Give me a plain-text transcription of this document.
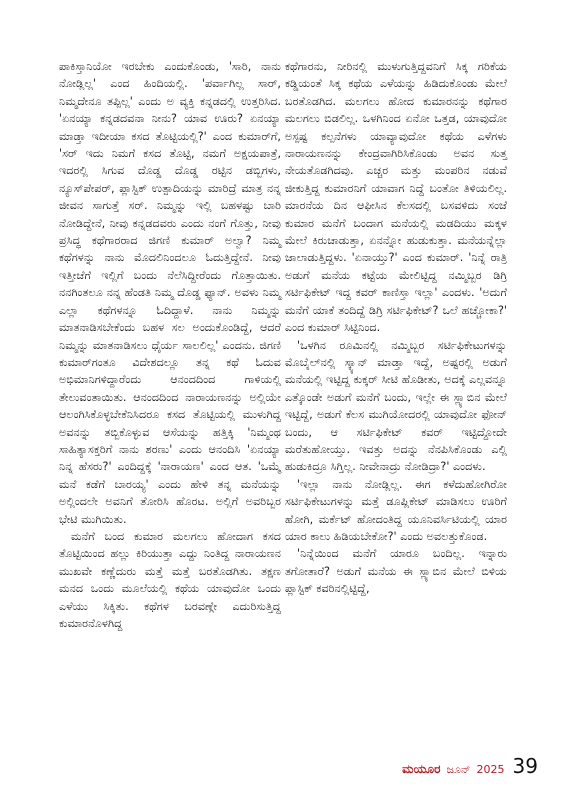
ಪಾಕಿಸ್ತಾನಿಯೋ ಇರಬೇಕು ಎಂದುಕೊಂಡು, 'ಸಾರಿ, ನಾನು ನೋಡ್ಲಿಲ್ಲ' ಎಂದ ಹಿಂದಿಯಲ್ಲಿ. 'ಪರ್ವಾಗಿಲ್ಲ ಸಾರ್, ನಿಮ್ಮದೇನೂ ತಪ್ಪಿಲ್ಲ' ಎಂದು ಅ ವ್ಯಕ್ತಿ ಕನ್ನಡದಲ್ಲಿ ಉತ್ತರಿಸಿದ. 'ಏನಯ್ಯಾ ಕನ್ನಡದವನಾ ನೀನು? ಯಾವ ಊರು? ಏನಯ್ಯಾ ಮಾಡ್ತಾ ಇದೀಯಾ ಕಸದ ತೊಟ್ಟಿಯಲ್ಲಿ?' ಎಂದ ಕುಮಾರ್‌ಗೆ, 'ಸರ್ ಇದು ನಿಮಗೆ ಕಸದ ತೊಟ್ಟಿ, ನಮಗೆ ಅಕ್ಷಯಪಾತ್ರೆ, ಇದರಲ್ಲಿ ಸಿಗುವ ದೊಡ್ಡ ದೊಡ್ಡ ರಟ್ಟಿನ ಡಬ್ಬಿಗಳು, ನ್ಯೂಸ್‌ಪೇಪರ್, ಪ್ಲಾಸ್ಟಿಕ್ ಉತ್ಪಾದಿಯನ್ನು ಮಾರಿದ್ರೆ ಮಾತ್ರ ನನ್ನ ಜೀವನ ಸಾಗುತ್ತೆ ಸರ್. ನಿಮ್ಮನ್ನು ಇಲ್ಲಿ ಬಹಳಷ್ಟು ಬಾರಿ ನೋಡಿದ್ದೇನೆ, ನೀವು ಕನ್ನಡದವರು ಎಂದು ನಂಗೆ ಗೊತ್ತು, ನೀವು ಪ್ರಸಿದ್ಧ ಕಥೆಗಾರರಾದ ಜಿಗಣಿ ಕುಮಾರ್ ಅಲ್ವಾ? ನಿಮ್ಮ ಕಥೆಗಳನ್ನು ನಾನು ಮೊದಲಿನಿಂದಲೂ ಓದುತ್ತಿದ್ದೇನೆ. ನೀವು ಇತ್ತೀಚೆಗೆ ಇಲ್ಲಿಗೆ ಬಂದು ನೆಲೆಸಿದ್ದೀರೆಂದು ಗೊತ್ತಾಯಿತು. ನನಗಿಂತಲೂ ನನ್ನ ಹೆಂಡತಿ ನಿಮ್ಮ ದೊಡ್ಡ ಫ್ಯಾನ್. ಅವಳು ನಿಮ್ಮ ಎಲ್ಲಾ ಕಥೆಗಳನ್ನೂ ಓದಿದ್ದಾಳೆ. ನಾನು ನಿಮ್ಮನ್ನು ಮಾತನಾಡಿಸಬೇಕೆಂದು ಬಹಳ ಸಲ ಅಂದುಕೊಂಡಿದ್ದೆ, ಆದರೆ ನಿಮ್ಮನ್ನು ಮಾತನಾಡಿಸಲು ಧೈರ್ಯ ಸಾಲಲಿಲ್ಲ' ಎಂದನು. ಜಿಗಣಿ ಕುಮಾರ್‌ಗಂತೂ ವಿದೇಶದಲ್ಲೂ ತನ್ನ ಕಥೆ ಓದುವ ಅಭಿಮಾನಿಗಳಿದ್ದಾರೆಂದು ಆನಂದದಿಂದ ಗಾಳಿಯಲ್ಲಿ ತೇಲುವಂತಾಯಿತು. ಆನಂದದಿಂದ ನಾರಾಯಣನನ್ನು ಅಲ್ಲಿಯೇ ಆಲಂಗಿಸಿಕೊಳ್ಳಬೇಕೆನಿಸಿದರೂ ಕಸದ ತೊಟ್ಟಿಯಲ್ಲಿ ಮುಳುಗಿದ್ದ ಅವನನ್ನು ತಬ್ಬಿಕೊಳ್ಳುವ ಆಸೆಯನ್ನು ಹತ್ತಿಕ್ಕಿ 'ನಿಮ್ಮಂಥ ಸಾಹಿತ್ಯಾಸಕ್ತರಿಗೆ ನಾನು ಶರಣು' ಎಂದು ಆನಂದಿಸಿ 'ಏನಯ್ಯಾ ನಿನ್ನ ಹೆಸರು?' ಎಂದಿದ್ದಕ್ಕೆ 'ನಾರಾಯಣ' ಎಂದ ಆತ. 'ಒಮ್ಮೆ ಮನೆ ಕಡೆಗೆ ಬಾರಯ್ಯ' ಎಂದು ಹೇಳಿ ತನ್ನ ಮನೆಯನ್ನು ಅಲ್ಲಿಂದಲೇ ಅವನಿಗೆ ತೋರಿಸಿ ಹೊರಟ. ಅಲ್ಲಿಗೆ ಅವರಿಬ್ಬರ ಭೇಟಿ ಮುಗಿಯಿತು.

ಮನೆಗೆ ಬಂದ ಕುಮಾರ ಮಲಗಲು ಹೋದಾಗ ಕಸದ ತೊಟ್ಟಿಯಿಂದ ಹಲ್ಲು ಕಿರಿಯುತ್ತಾ ಎದ್ದು ನಿಂತಿದ್ದ ನಾರಾಯಣನ ಮುಖವೇ ಕಣ್ಣೆದುರು ಮತ್ತೆ ಮತ್ತೆ ಬರತೊಡಗಿತು. ತಕ್ಷಣ ಮನದ ಒಂದು ಮೂಲೆಯಲ್ಲಿ ಕಥೆಯ ಯಾವುದೋ ಒಂದು ಎಳೆಯು ಸಿಕ್ಕಿತು. ಕಥೆಗಳ ಬರವಣ್ಗೇ ಎದುರಿಸುತ್ತಿದ್ದ ಕುಮಾರನೊಳಗಿದ್ದ

ಕಥೆಗಾರನು, ನೀರಿನಲ್ಲಿ ಮುಳುಗುತ್ತಿದ್ದವನಿಗೆ ಸಿಕ್ಕ ಗರಿಕೆಯ ಕಡ್ಡಿಯಂತೆ ಸಿಕ್ಕ ಕಥೆಯ ಎಳೆಯನ್ನು ಹಿಡಿದುಕೊಂಡು ಮೇಲೆ ಬರತೊಡಗಿದ. ಮಲಗಲು ಹೋದ ಕುಮಾರನನ್ನು ಕಥೆಗಾರ ಮಲಗಲು ಬಿಡಲಿಲ್ಲ. ಒಳಗಿನಿಂದ ಏನೋ ಒತ್ತಡ, ಯಾವುದೋ ಅಸ್ಪಷ್ಟ ಕಲ್ಪನೆಗಳು ಯಾವ್ಯಾವುದೋ ಕಥೆಯ ಎಳೆಗಳು ನಾರಾಯಣನನ್ನು ಕೇಂದ್ರವಾಗಿರಿಸಿಕೊಂಡು ಅವನ ಸುತ್ತ ನೇಯತೊಡಗಿದವು. ಎಚ್ಚರ ಮತ್ತು ಮಂಪರಿನ ನಡುವೆ ಜೀಕುತ್ತಿದ್ದ ಕುಮಾರನಿಗೆ ಯಾವಾಗ ನಿದ್ದೆ ಬಂತೋ ತಿಳಿಯಲಿಲ್ಲ. ಮಾರನೆಯ ದಿನ ಆಫೀಸಿನ ಕೆಲಸದಲ್ಲಿ ಬಸವಳಿದು ಸಂಜೆ ಕುಮಾರ ಮನೆಗೆ ಬಂದಾಗ ಮನೆಯಲ್ಲಿ ಮಡದಿಯು ಮಕ್ಕಳ ಮೇಲೆ ಕಿರುಚಾಡುತ್ತಾ, ಏನನ್ನೋ ಹುಡುಕುತ್ತಾ. ಮನೆಯನ್ನೆಲ್ಲಾ ಜಾಲಾಡುತ್ತಿದ್ದಳು. 'ಏನಾಯ್ತು?' ಎಂದ ಕುಮಾರ್. 'ನಿನ್ನೆ ರಾತ್ರಿ ಅಡುಗೆ ಮನೆಯ ಕಟ್ಟೆಯ ಮೇಲಿಟ್ಟಿದ್ದ ನಮ್ಮಿಬ್ಬರ ಡಿಗ್ರಿ ಸರ್ಟಿಫಿಕೇಟ್ ಇದ್ದ ಕವರ್ ಕಾಣಿಸ್ತಾ ಇಲ್ಲಾ' ಎಂದಳು. 'ಅದುಗೆ ಮನೆಗೆ ಯಾಕೆ ತಂದಿದ್ದೆ ಡಿಗ್ರಿ ಸರ್ಟಿಫಿಕೇಟ್? ಒಲೆ ಹಚ್ಚೋಕಾ?' ಎಂದ ಕುಮಾರ್ ಸಿಟ್ಟಿನಿಂದ.

'ಒಳಗಿನ ರೂಮಿನಲ್ಲಿ ನಮ್ಮಿಬ್ಬರ ಸರ್ಟಿಫಿಕೇಟುಗಳನ್ನು ಮೊಬೈಲ್‌ನಲ್ಲಿ ಸ್ಕ್ಯಾನ್ ಮಾಡ್ತಾ ಇದ್ದೆ, ಅಷ್ಟರಲ್ಲಿ ಅಡುಗೆ ಮನೆಯಲ್ಲಿ ಇಟ್ಟಿದ್ದ ಕುಕ್ಕರ್ ಸೀಟಿ ಹೊಡೀತು, ಅದಕ್ಕೆ ಎಲ್ಲವನ್ನೂ ಎತ್ಕೊಂಡೇ ಅಡುಗೆ ಮನೆಗೆ ಬಂದು, ಇಲ್ಲೇ ಈ ಸ್ಲ್ಯಾಬಿನ ಮೇಲೆ ಇಟ್ಟಿದ್ದೆ, ಅಡುಗೆ ಕೆಲಸ ಮುಗಿಯೋದರಲ್ಲಿ ಯಾವುದೋ ಫೋನ್ ಬಂದು, ಆ ಸರ್ಟಿಫಿಕೇಟ್ ಕವರ್ ಇಟ್ಟಿದ್ದೋದೇ ಮರೆತುಹೋಯ್ತು. ಇವತ್ತು ಅದನ್ನು ನೆನಪಿಸಿಕೊಂಡು ಎಲ್ಲಿ ಹುಡುಕಿದ್ರೂ ಸಿಗ್ತಿಲ್ಲ. ನೀವೇನಾದ್ರು ನೋಡಿದ್ರಾ?' ಎಂದಳು.

'ಇಲ್ಲಾ ನಾನು ನೋಡ್ಲಿಲ್ಲ. ಈಗ ಕಳೆದುಹೋಗಿರೋ ಸರ್ಟಿಫಿಕೇಟುಗಳನ್ನು ಮತ್ತೆ ಡೂಪ್ಲಿಕೇಟ್ ಮಾಡಿಸಲು ಊರಿಗೆ ಹೋಗಿ, ಮರ್ಕೆಟ್ ಹೋದಂತಿದ್ದ ಯೂನಿವರ್ಸಿಟಿಯಲ್ಲಿ ಯಾರ ಯಾರ ಕಾಲು ಹಿಡಿಯಬೇಕೋ?' ಎಂದು ಅವಲತ್ತುಕೊಂಡ.

'ನಿನ್ನೆಯಿಂದ ಮನೆಗೆ ಯಾರೂ ಬಂದಿಲ್ಲ. ಇನ್ನಾರು ತಗೋತಾರೆ? ಅಡುಗೆ ಮನೆಯ ಈ ಸ್ಲ್ಯಾಬಿನ ಮೇಲೆ ಬಿಳಿಯ ಪ್ಲಾಸ್ಟಿಕ್ ಕವರಿನಲ್ಲಿಟ್ಟಿದ್ದೆ,

ಮಯೂರ ಜೂನ್ 2025 39
